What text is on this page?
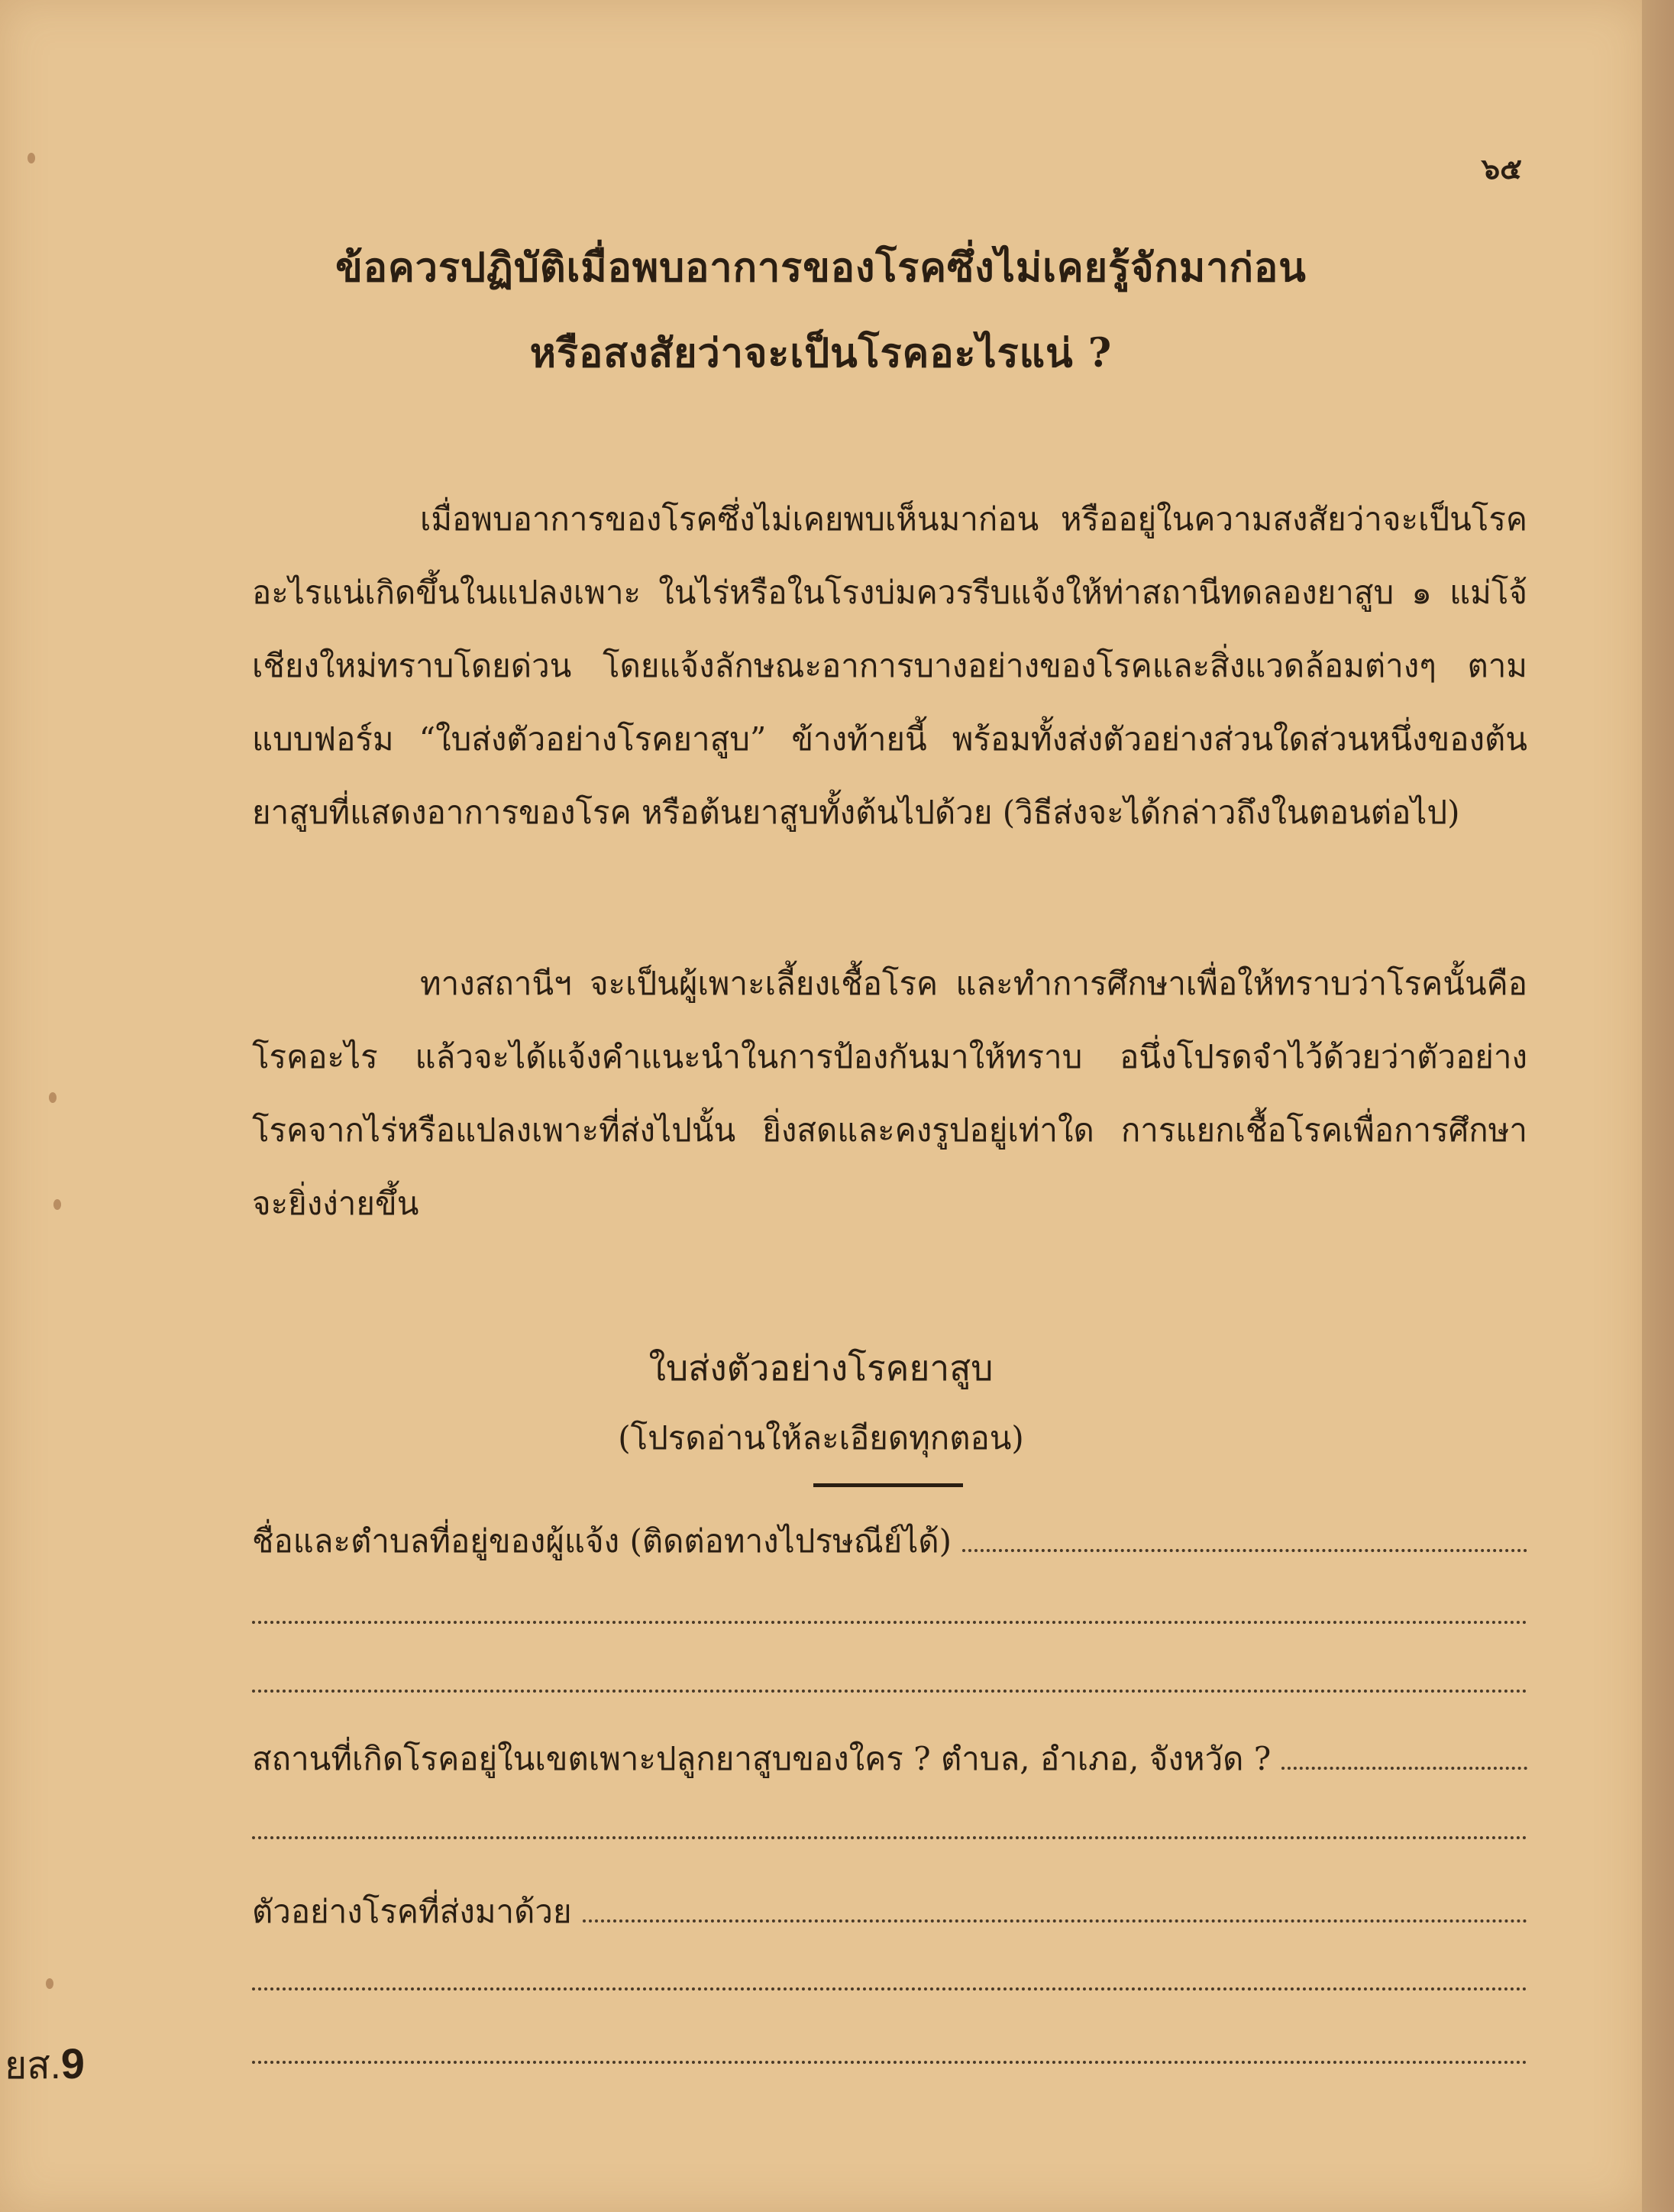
๖๕
ข้อควรปฏิบัติเมื่อพบอาการของโรคซึ่งไม่เคยรู้จักมาก่อน
หรือสงสัยว่าจะเป็นโรคอะไรแน่ ?
เมื่อพบอาการของโรคซึ่งไม่เคยพบเห็นมาก่อน หรืออยู่ในความสงสัยว่าจะเป็นโรคอะไรแน่เกิดขึ้นในแปลงเพาะ ในไร่หรือในโรงบ่มควรรีบแจ้งให้ท่าสถานีทดลองยาสูบ ๑ แม่โจ้ เชียงใหม่ทราบโดยด่วน โดยแจ้งลักษณะอาการบางอย่างของโรคและสิ่งแวดล้อมต่างๆ ตามแบบฟอร์ม “ใบส่งตัวอย่างโรคยาสูบ” ข้างท้ายนี้ พร้อมทั้งส่งตัวอย่างส่วนใดส่วนหนึ่งของต้นยาสูบที่แสดงอาการของโรค หรือต้นยาสูบทั้งต้นไปด้วย (วิธีส่งจะได้กล่าวถึงในตอนต่อไป)
ทางสถานีฯ จะเป็นผู้เพาะเลี้ยงเชื้อโรค และทำการศึกษาเพื่อให้ทราบว่าโรคนั้นคือโรคอะไร แล้วจะได้แจ้งคำแนะนำในการป้องกันมาให้ทราบ อนึ่งโปรดจำไว้ด้วยว่าตัวอย่างโรคจากไร่หรือแปลงเพาะที่ส่งไปนั้น ยิ่งสดและคงรูปอยู่เท่าใด การแยกเชื้อโรคเพื่อการศึกษาจะยิ่งง่ายขึ้น
ใบส่งตัวอย่างโรคยาสูบ
(โปรดอ่านให้ละเอียดทุกตอน)
ชื่อและตำบลที่อยู่ของผู้แจ้ง (ติดต่อทางไปรษณีย์ได้)
สถานที่เกิดโรคอยู่ในเขตเพาะปลูกยาสูบของใคร ? ตำบล, อำเภอ, จังหวัด ?
ตัวอย่างโรคที่ส่งมาด้วย
ยส.9
